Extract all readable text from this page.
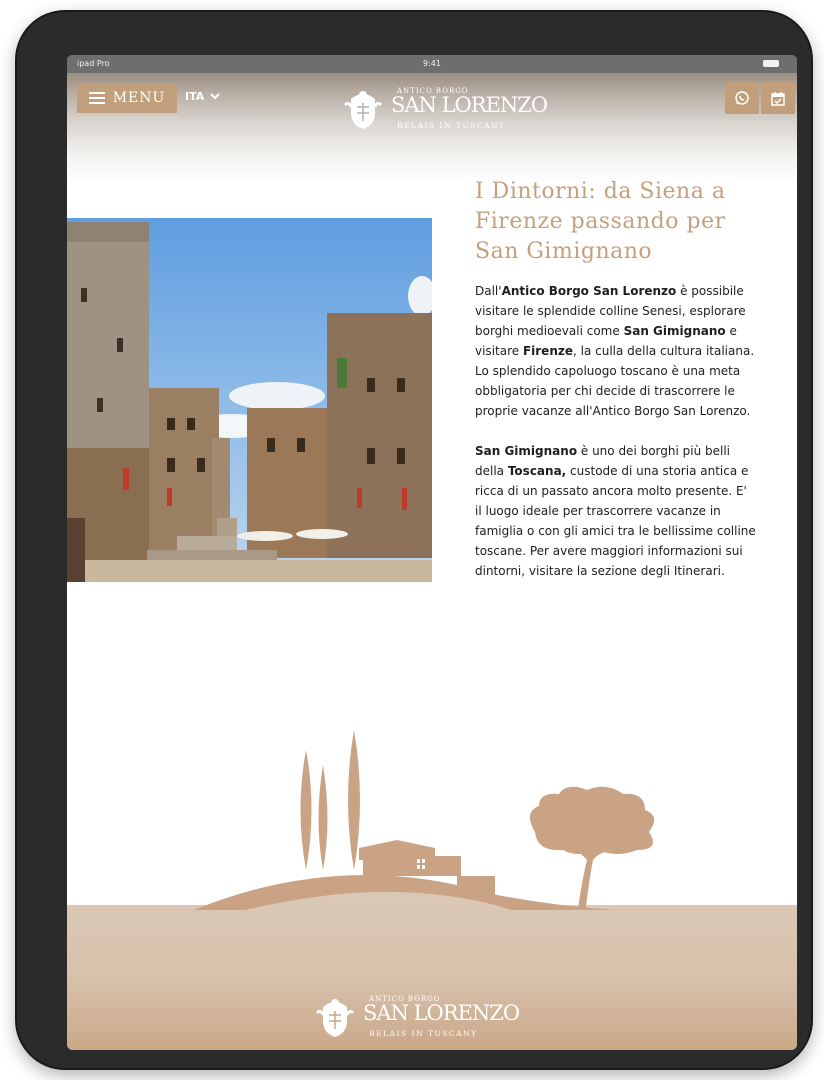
ipad Pro	9:41
MENU ITA	ANTICO BORGO
SAN LORENZO
RELAIS IN TUSCANY
I Dintorni: da Siena a Firenze passando per San Gimignano

Dall'Antico Borgo San Lorenzo è possibile visitare le splendide colline Senesi, esplorare borghi medioevali come San Gimignano e visitare Firenze, la culla della cultura italiana. Lo splendido capoluogo toscano è una meta obbligatoria per chi decide di trascorrere le proprie vacanze all'Antico Borgo San Lorenzo.

San Gimignano è uno dei borghi più belli della Toscana, custode di una storia antica e ricca di un passato ancora molto presente. E' il luogo ideale per trascorrere vacanze in famiglia o con gli amici tra le bellissime colline toscane. Per avere maggiori informazioni sui dintorni, visitare la sezione degli Itinerari.

ANTICO BORGO
SAN LORENZO
RELAIS IN TUSCANY
